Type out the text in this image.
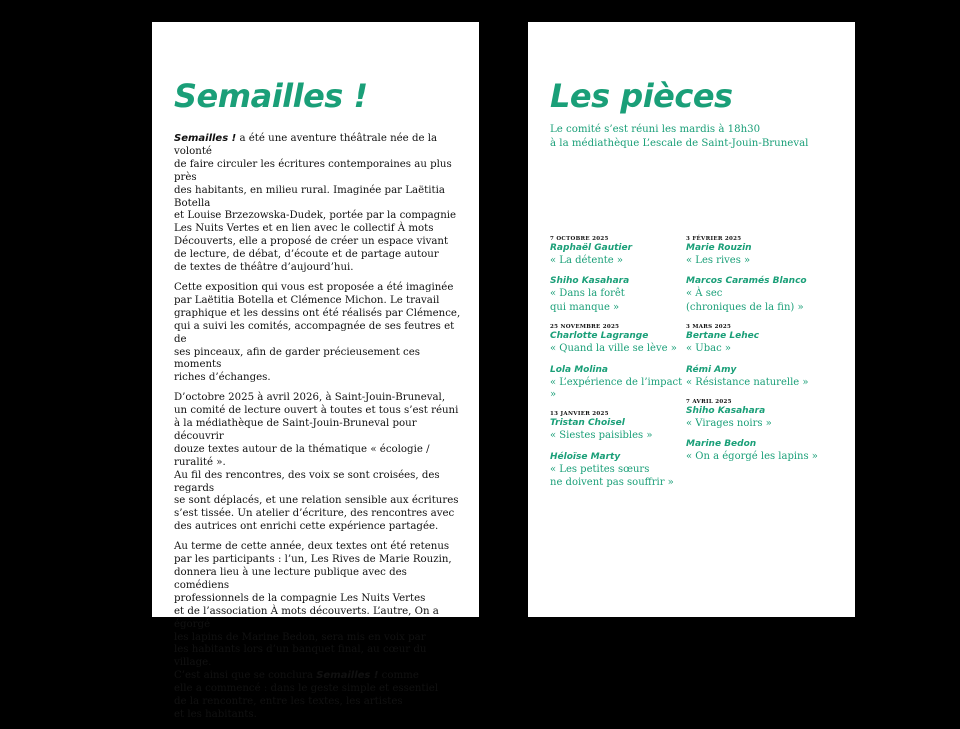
Semailles !

Semailles ! a été une aventure théâtrale née de la volonté
de faire circuler les écritures contemporaines au plus près
des habitants, en milieu rural. Imaginée par Laëtitia Botella
et Louise Brzezowska-Dudek, portée par la compagnie
Les Nuits Vertes et en lien avec le collectif À mots
Découverts, elle a proposé de créer un espace vivant
de lecture, de débat, d’écoute et de partage autour
de textes de théâtre d’aujourd’hui.

Cette exposition qui vous est proposée a été imaginée
par Laëtitia Botella et Clémence Michon. Le travail
graphique et les dessins ont été réalisés par Clémence,
qui a suivi les comités, accompagnée de ses feutres et de
ses pinceaux, afin de garder précieusement ces moments
riches d’échanges.

D’octobre 2025 à avril 2026, à Saint-Jouin-Bruneval,
un comité de lecture ouvert à toutes et tous s’est réuni
à la médiathèque de Saint-Jouin-Bruneval pour découvrir
douze textes autour de la thématique « écologie / ruralité ».
Au fil des rencontres, des voix se sont croisées, des regards
se sont déplacés, et une relation sensible aux écritures
s’est tissée. Un atelier d’écriture, des rencontres avec
des autrices ont enrichi cette expérience partagée.

Au terme de cette année, deux textes ont été retenus
par les participants : l’un, Les Rives de Marie Rouzin,
donnera lieu à une lecture publique avec des comédiens
professionnels de la compagnie Les Nuits Vertes
et de l’association À mots découverts. L’autre, On a égorgé
les lapins de Marine Bedon, sera mis en voix par
les habitants lors d’un banquet final, au cœur du village.
C’est ainsi que se conclura Semailles ! comme
elle a commencé : dans le geste simple et essentiel
de la rencontre, entre les textes, les artistes
et les habitants.

Les pièces
Le comité s’est réuni les mardis à 18h30
à la médiathèque L’escale de Saint-Jouin-Bruneval
7 OCTOBRE 2025
Raphaël Gautier
« La détente »
Shiho Kasahara
« Dans la forêt
qui manque »
25 NOVEMBRE 2025
Charlotte Lagrange
« Quand la ville se lève »
Lola Molina
« L’expérience de l’impact »
13 JANVIER 2025
Tristan Choisel
« Siestes paisibles »
Héloïse Marty
« Les petites sœurs
ne doivent pas souffrir »
3 FÉVRIER 2025
Marie Rouzin
« Les rives »
Marcos Caramés Blanco
« À sec
(chroniques de la fin) »
3 MARS 2025
Bertane Lehec
« Ubac »
Rémi Amy
« Résistance naturelle »
7 AVRIL 2025
Shiho Kasahara
« Virages noirs »
Marine Bedon
« On a égorgé les lapins »
